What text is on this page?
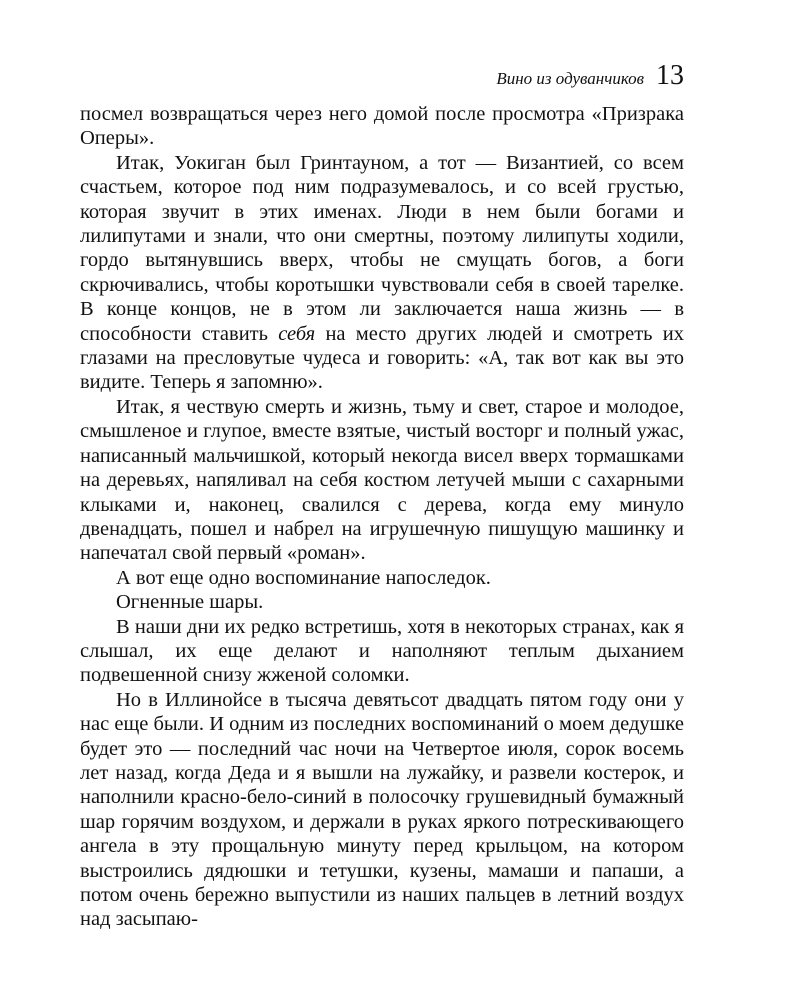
Вино из одуванчиков 13

посмел возвращаться через него домой после просмотра «Призрака Оперы».

Итак, Уокиган был Гринтауном, а тот — Византией, со всем счастьем, которое под ним подразумевалось, и со всей грустью, которая звучит в этих именах. Люди в нем были богами и лилипутами и знали, что они смертны, поэтому лилипуты ходили, гордо вытянувшись вверх, чтобы не смущать богов, а боги скрючивались, чтобы коротышки чувствовали себя в своей тарелке. В конце концов, не в этом ли заключается наша жизнь — в способности ставить себя на место других людей и смотреть их глазами на пресловутые чудеса и говорить: «А, так вот как вы это видите. Теперь я запомню».

Итак, я чествую смерть и жизнь, тьму и свет, старое и молодое, смышленое и глупое, вместе взятые, чистый восторг и полный ужас, написанный мальчишкой, который некогда висел вверх тормашками на деревьях, напяливал на себя костюм летучей мыши с сахарными клыками и, наконец, свалился с дерева, когда ему минуло двенадцать, пошел и набрел на игрушечную пишущую машинку и напечатал свой первый «роман».

А вот еще одно воспоминание напоследок.

Огненные шары.

В наши дни их редко встретишь, хотя в некоторых странах, как я слышал, их еще делают и наполняют теплым дыханием подвешенной снизу жженой соломки.

Но в Иллинойсе в тысяча девятьсот двадцать пятом году они у нас еще были. И одним из последних воспоминаний о моем дедушке будет это — последний час ночи на Четвертое июля, сорок восемь лет назад, когда Деда и я вышли на лужайку, и развели костерок, и наполнили красно-бело-синий в полосочку грушевидный бумажный шар горячим воздухом, и держали в руках яркого потрескивающего ангела в эту прощальную минуту перед крыльцом, на котором выстроились дядюшки и тетушки, кузены, мамаши и папаши, а потом очень бережно выпустили из наших пальцев в летний воздух над засыпаю-
